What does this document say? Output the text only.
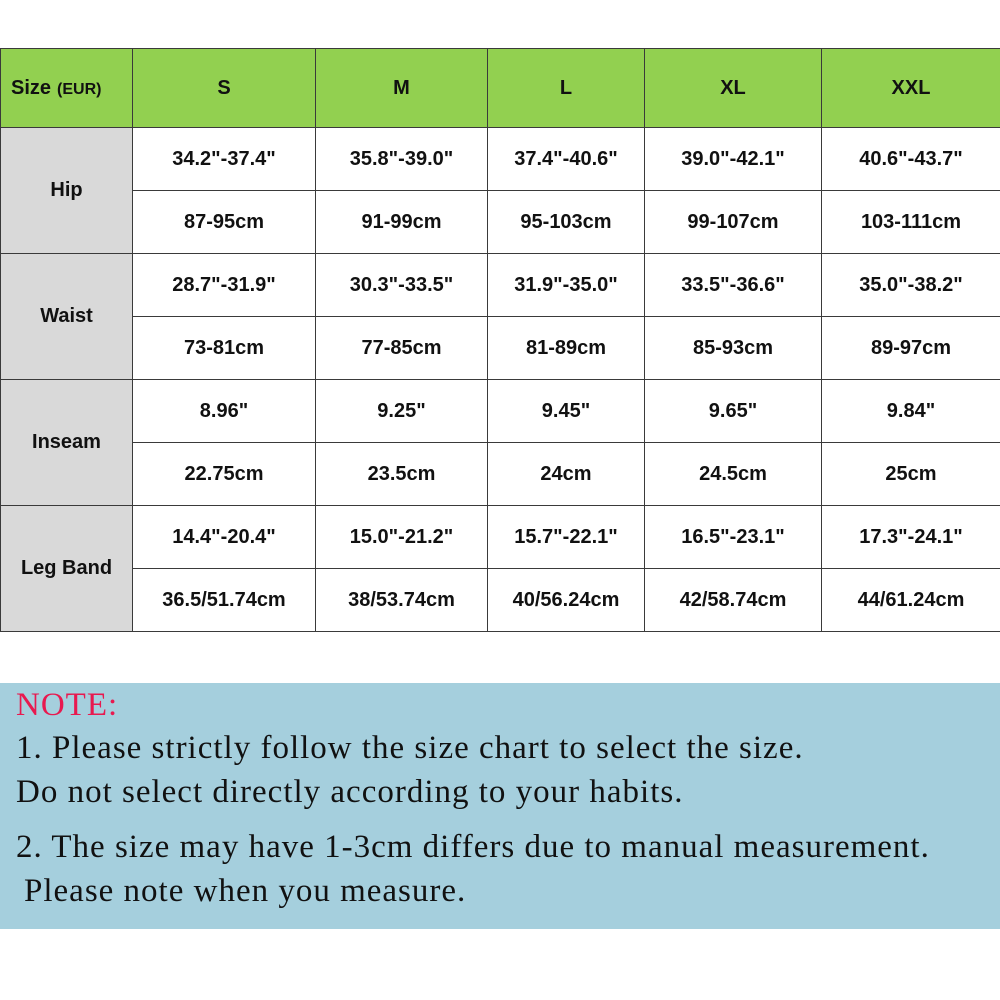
Size (EUR)	S	M	L	XL	XXL
Hip	34.2"-37.4"	35.8"-39.0"	37.4"-40.6"	39.0"-42.1"	40.6"-43.7"
	87-95cm	91-99cm	95-103cm	99-107cm	103-111cm
Waist	28.7"-31.9"	30.3"-33.5"	31.9"-35.0"	33.5"-36.6"	35.0"-38.2"
	73-81cm	77-85cm	81-89cm	85-93cm	89-97cm
Inseam	8.96"	9.25"	9.45"	9.65"	9.84"
	22.75cm	23.5cm	24cm	24.5cm	25cm
Leg Band	14.4"-20.4"	15.0"-21.2"	15.7"-22.1"	16.5"-23.1"	17.3"-24.1"
	36.5/51.74cm	38/53.74cm	40/56.24cm	42/58.74cm	44/61.24cm
NOTE:
1. Please strictly follow the size chart to select the size.
Do not select directly according to your habits.
2. The size may have 1-3cm differs due to manual measurement.
Please note when you measure.
